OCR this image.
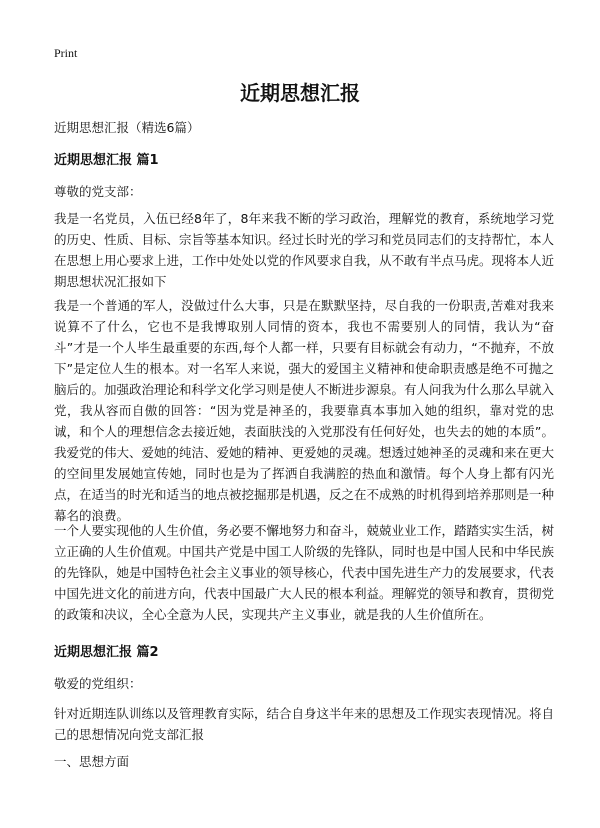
Print
近期思想汇报
近期思想汇报（精选6篇）
近期思想汇报 篇1
尊敬的党支部：
我是一名党员，入伍已经8年了，8年来我不断的学习政治，理解党的教育，系统地学习党的历史、性质、目标、宗旨等基本知识。经过长时光的学习和党员同志们的支持帮忙，本人在思想上用心要求上进，工作中处处以党的作风要求自我，从不敢有半点马虎。现将本人近期思想状况汇报如下
我是一个普通的军人，没做过什么大事，只是在默默坚持，尽自我的一份职责,苦难对我来说算不了什么，它也不是我博取别人同情的资本，我也不需要别人的同情，我认为“奋斗”才是一个人毕生最重要的东西,每个人都一样，只要有目标就会有动力，“不抛弃，不放下”是定位人生的根本。对一名军人来说，强大的爱国主义精神和使命职责感是绝不可抛之脑后的。加强政治理论和科学文化学习则是使人不断进步源泉。有人问我为什么那么早就入党，我从容而自傲的回答：“因为党是神圣的，我要靠真本事加入她的组织，靠对党的忠诚，和个人的理想信念去接近她，表面肤浅的入党那没有任何好处，也失去的她的本质”。我爱党的伟大、爱她的纯洁、爱她的精神、更爱她的灵魂。想透过她神圣的灵魂和来在更大的空间里发展她宣传她，同时也是为了挥洒自我满腔的热血和激情。每个人身上都有闪光点，在适当的时光和适当的地点被挖掘那是机遇，反之在不成熟的时机得到培养那则是一种幕名的浪费。
一个人要实现他的人生价值，务必要不懈地努力和奋斗，兢兢业业工作，踏踏实实生活，树立正确的人生价值观。中国共产党是中国工人阶级的先锋队，同时也是中国人民和中华民族的先锋队，她是中国特色社会主义事业的领导核心，代表中国先进生产力的发展要求，代表中国先进文化的前进方向，代表中国最广大人民的根本利益。理解党的领导和教育，贯彻党的政策和决议，全心全意为人民，实现共产主义事业，就是我的人生价值所在。
近期思想汇报 篇2
敬爱的党组织：
针对近期连队训练以及管理教育实际，结合自身这半年来的思想及工作现实表现情况。将自己的思想情况向党支部汇报
一、思想方面
